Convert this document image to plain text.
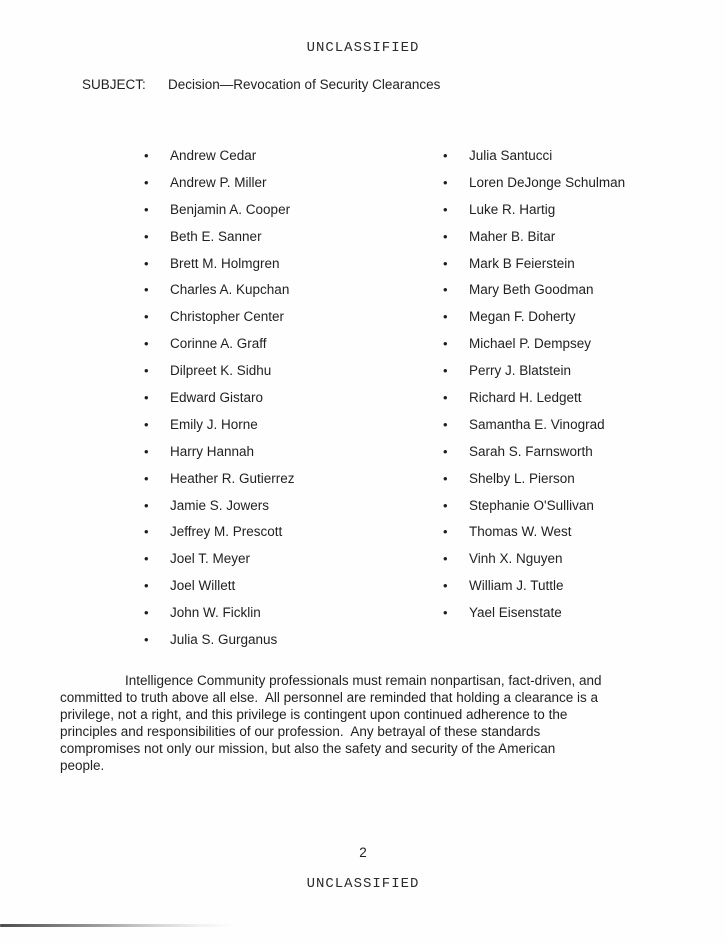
UNCLASSIFIED
SUBJECT: Decision—Revocation of Security Clearances
•	Andrew Cedar
•	Andrew P. Miller
•	Benjamin A. Cooper
•	Beth E. Sanner
•	Brett M. Holmgren
•	Charles A. Kupchan
•	Christopher Center
•	Corinne A. Graff
•	Dilpreet K. Sidhu
•	Edward Gistaro
•	Emily J. Horne
•	Harry Hannah
•	Heather R. Gutierrez
•	Jamie S. Jowers
•	Jeffrey M. Prescott
•	Joel T. Meyer
•	Joel Willett
•	John W. Ficklin
•	Julia S. Gurganus
•	Julia Santucci
•	Loren DeJonge Schulman
•	Luke R. Hartig
•	Maher B. Bitar
•	Mark B Feierstein
•	Mary Beth Goodman
•	Megan F. Doherty
•	Michael P. Dempsey
•	Perry J. Blatstein
•	Richard H. Ledgett
•	Samantha E. Vinograd
•	Sarah S. Farnsworth
•	Shelby L. Pierson
•	Stephanie O'Sullivan
•	Thomas W. West
•	Vinh X. Nguyen
•	William J. Tuttle
•	Yael Eisenstate
Intelligence Community professionals must remain nonpartisan, fact-driven, and
committed to truth above all else.  All personnel are reminded that holding a clearance is a
privilege, not a right, and this privilege is contingent upon continued adherence to the
principles and responsibilities of our profession.  Any betrayal of these standards
compromises not only our mission, but also the safety and security of the American
people.
2
UNCLASSIFIED
